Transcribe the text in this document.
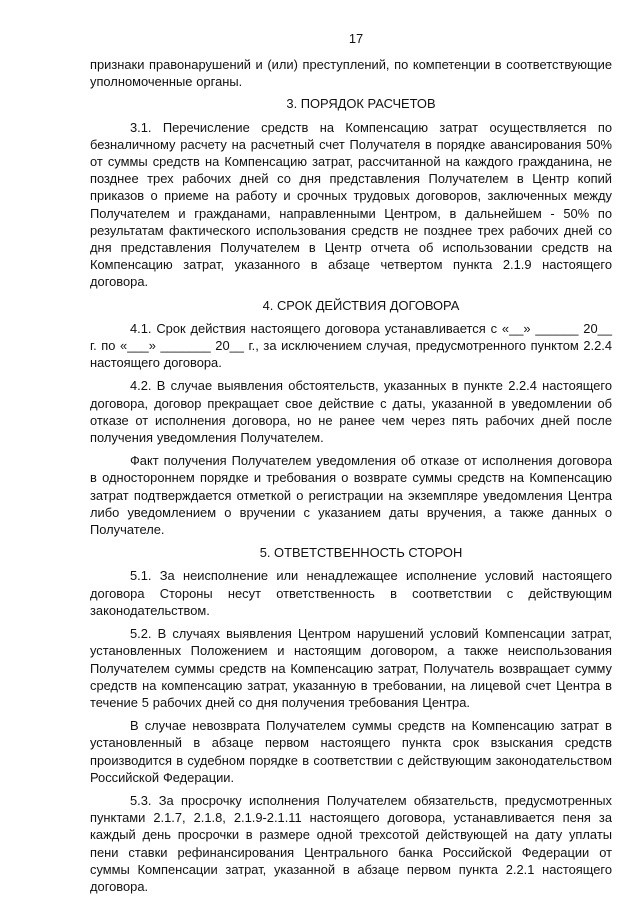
17

признаки правонарушений и (или) преступлений, по компетенции в соответствующие уполномоченные органы.

3. ПОРЯДОК РАСЧЕТОВ

3.1. Перечисление средств на Компенсацию затрат осуществляется по безналичному расчету на расчетный счет Получателя в порядке авансирования 50% от суммы средств на Компенсацию затрат, рассчитанной на каждого гражданина, не позднее трех рабочих дней со дня представления Получателем в Центр копий приказов о приеме на работу и срочных трудовых договоров, заключенных между Получателем и гражданами, направленными Центром, в дальнейшем - 50% по результатам фактического использования средств не позднее трех рабочих дней со дня представления Получателем в Центр отчета об использовании средств на Компенсацию затрат, указанного в абзаце четвертом пункта 2.1.9 настоящего договора.

4. СРОК ДЕЙСТВИЯ ДОГОВОРА

4.1. Срок действия настоящего договора устанавливается с «__» ______ 20__ г. по «___» _______ 20__ г., за исключением случая, предусмотренного пунктом 2.2.4 настоящего договора.

4.2. В случае выявления обстоятельств, указанных в пункте 2.2.4 настоящего договора, договор прекращает свое действие с даты, указанной в уведомлении об отказе от исполнения договора, но не ранее чем через пять рабочих дней после получения уведомления Получателем.

Факт получения Получателем уведомления об отказе от исполнения договора в одностороннем порядке и требования о возврате суммы средств на Компенсацию затрат подтверждается отметкой о регистрации на экземпляре уведомления Центра либо уведомлением о вручении с указанием даты вручения, а также данных о Получателе.

5. ОТВЕТСТВЕННОСТЬ СТОРОН

5.1. За неисполнение или ненадлежащее исполнение условий настоящего договора Стороны несут ответственность в соответствии с действующим законодательством.

5.2. В случаях выявления Центром нарушений условий Компенсации затрат, установленных Положением и настоящим договором, а также неиспользования Получателем суммы средств на Компенсацию затрат, Получатель возвращает сумму средств на компенсацию затрат, указанную в требовании, на лицевой счет Центра в течение 5 рабочих дней со дня получения требования Центра.

В случае невозврата Получателем суммы средств на Компенсацию затрат в установленный в абзаце первом настоящего пункта срок взыскания средств производится в судебном порядке в соответствии с действующим законодательством Российской Федерации.

5.3. За просрочку исполнения Получателем обязательств, предусмотренных пунктами 2.1.7, 2.1.8, 2.1.9-2.1.11 настоящего договора, устанавливается пеня за каждый день просрочки в размере одной трехсотой действующей на дату уплаты пени ставки рефинансирования Центрального банка Российской Федерации от суммы Компенсации затрат, указанной в абзаце первом пункта 2.2.1 настоящего договора.
